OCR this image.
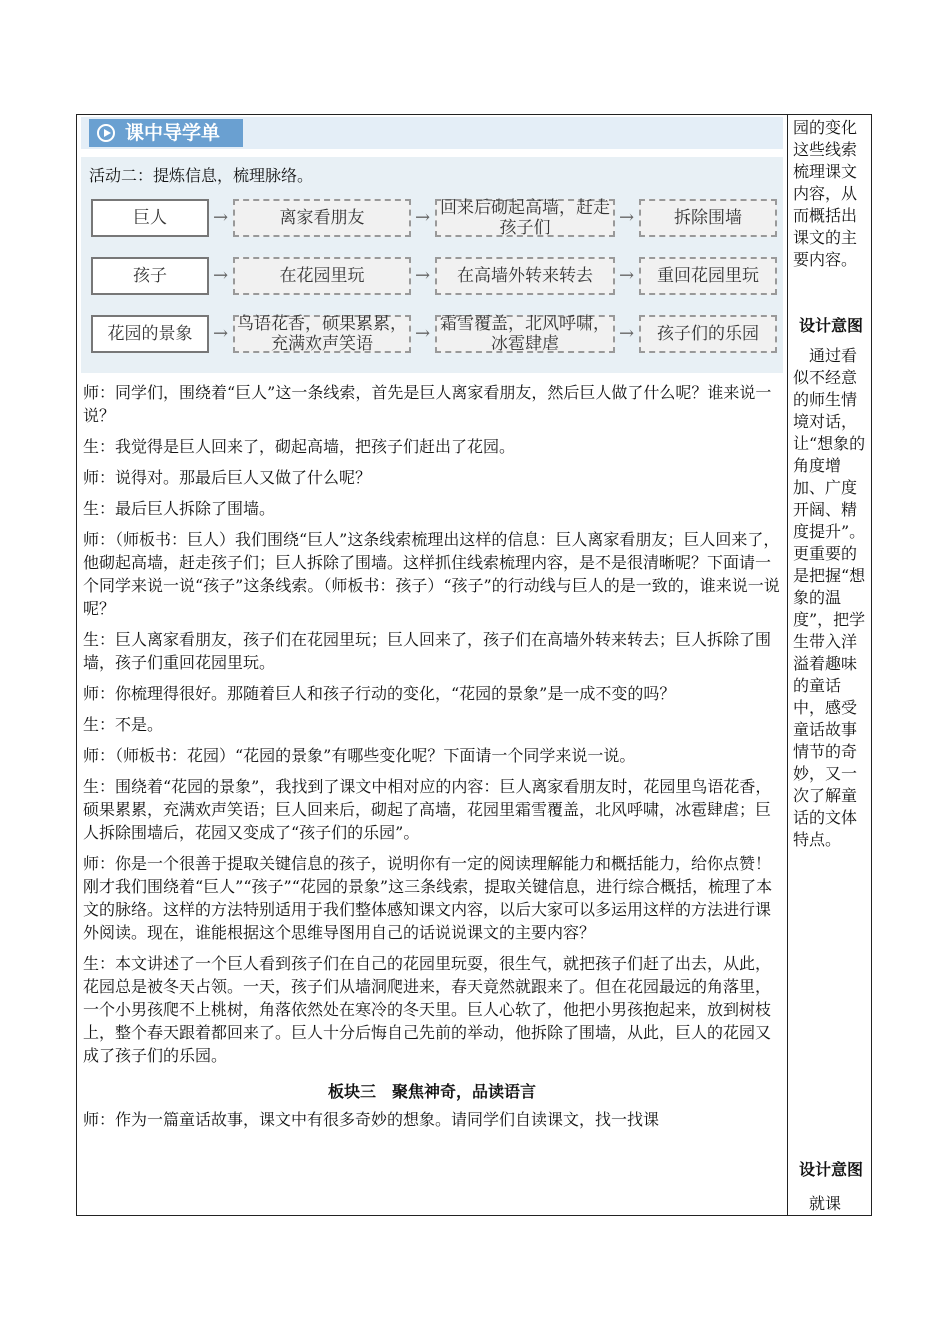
课中导学单
活动二：提炼信息，梳理脉络。
巨人	→	离家看朋友	→ 回来后砌起高墙，赶走孩子们	→	拆除围墙
孩子	→	在花园里玩	→	在高墙外转来转去	→	重回花园里玩
花园的景象	→ 鸟语花香，硕果累累，充满欢声笑语	→ 霜雪覆盖，北风呼啸，冰雹肆虐	→	孩子们的乐园

师：同学们，围绕着“巨人”这一条线索，首先是巨人离家看朋友，然后巨人做了什么呢？谁来说一说？

生：我觉得是巨人回来了，砌起高墙，把孩子们赶出了花园。

师：说得对。那最后巨人又做了什么呢？

生：最后巨人拆除了围墙。

师：（师板书：巨人）我们围绕“巨人”这条线索梳理出这样的信息：巨人离家看朋友；巨人回来了，他砌起高墙，赶走孩子们；巨人拆除了围墙。这样抓住线索梳理内容，是不是很清晰呢？下面请一个同学来说一说“孩子”这条线索。（师板书：孩子）“孩子”的行动线与巨人的是一致的，谁来说一说呢？

生：巨人离家看朋友，孩子们在花园里玩；巨人回来了，孩子们在高墙外转来转去；巨人拆除了围墙，孩子们重回花园里玩。

师：你梳理得很好。那随着巨人和孩子行动的变化，“花园的景象”是一成不变的吗？

生：不是。

师：（师板书：花园）“花园的景象”有哪些变化呢？下面请一个同学来说一说。

生：围绕着“花园的景象”，我找到了课文中相对应的内容：巨人离家看朋友时，花园里鸟语花香，硕果累累，充满欢声笑语；巨人回来后，砌起了高墙，花园里霜雪覆盖，北风呼啸，冰雹肆虐；巨人拆除围墙后，花园又变成了“孩子们的乐园”。

师：你是一个很善于提取关键信息的孩子，说明你有一定的阅读理解能力和概括能力，给你点赞！刚才我们围绕着“巨人”“孩子”“花园的景象”这三条线索，提取关键信息，进行综合概括，梳理了本文的脉络。这样的方法特别适用于我们整体感知课文内容，以后大家可以多运用这样的方法进行课外阅读。现在，谁能根据这个思维导图用自己的话说说课文的主要内容？

生：本文讲述了一个巨人看到孩子们在自己的花园里玩耍，很生气，就把孩子们赶了出去，从此，花园总是被冬天占领。一天，孩子们从墙洞爬进来，春天竟然就跟来了。但在花园最远的角落里，一个小男孩爬不上桃树，角落依然处在寒冷的冬天里。巨人心软了，他把小男孩抱起来，放到树枝上，整个春天跟着都回来了。巨人十分后悔自己先前的举动，他拆除了围墙，从此，巨人的花园又成了孩子们的乐园。

板块三　聚焦神奇，品读语言

师：作为一篇童话故事，课文中有很多奇妙的想象。请同学们自读课文，找一找课

园的变化这些线索梳理课文内容，从而概括出课文的主要内容。

设计意图

　通过看似不经意的师生情境对话，让“想象的角度增加、广度开阔、精度提升”。更重要的是把握“想象的温度”，把学生带入洋溢着趣味的童话中，感受童话故事情节的奇妙，又一次了解童话的文体特点。

设计意图

　就课
